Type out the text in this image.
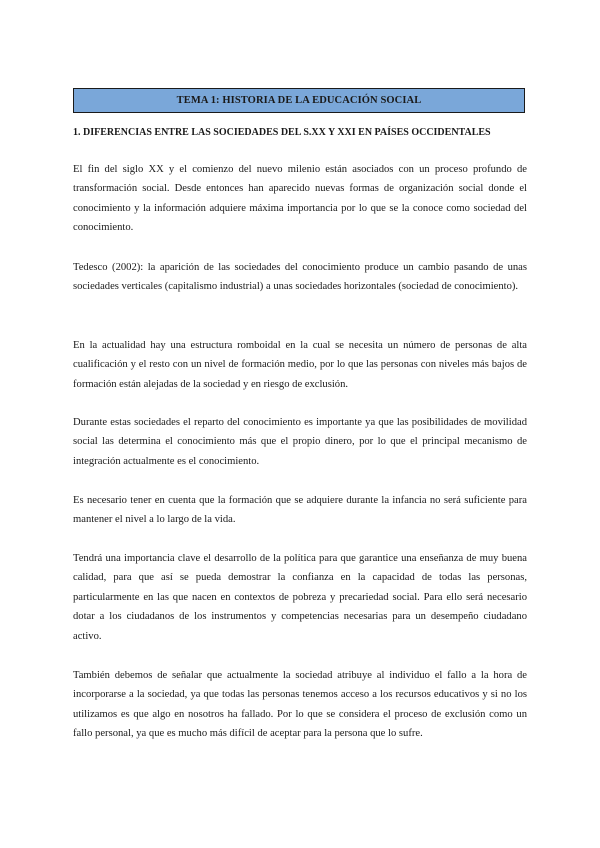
TEMA 1: HISTORIA DE LA EDUCACIÓN SOCIAL
1. DIFERENCIAS ENTRE LAS SOCIEDADES DEL S.XX Y XXI EN PAÍSES OCCIDENTALES

El fin del siglo XX y el comienzo del nuevo milenio están asociados con un proceso profundo de transformación social. Desde entonces han aparecido nuevas formas de organización social donde el conocimiento y la información adquiere máxima importancia por lo que se la conoce como sociedad del conocimiento.

Tedesco (2002): la aparición de las sociedades del conocimiento produce un cambio pasando de unas sociedades verticales (capitalismo industrial) a unas sociedades horizontales (sociedad de conocimiento).

En la actualidad hay una estructura romboidal en la cual se necesita un número de personas de alta cualificación y el resto con un nivel de formación medio, por lo que las personas con niveles más bajos de formación están alejadas de la sociedad y en riesgo de exclusión.

Durante estas sociedades el reparto del conocimiento es importante ya que las posibilidades de movilidad social las determina el conocimiento más que el propio dinero, por lo que el principal mecanismo de integración actualmente es el conocimiento.

Es necesario tener en cuenta que la formación que se adquiere durante la infancia no será suficiente para mantener el nivel a lo largo de la vida.

Tendrá una importancia clave el desarrollo de la política para que garantice una enseñanza de muy buena calidad, para que así se pueda demostrar la confianza en la capacidad de todas las personas, particularmente en las que nacen en contextos de pobreza y precariedad social. Para ello será necesario dotar a los ciudadanos de los instrumentos y competencias necesarias para un desempeño ciudadano activo.

También debemos de señalar que actualmente la sociedad atribuye al individuo el fallo a la hora de incorporarse a la sociedad, ya que todas las personas tenemos acceso a los recursos educativos y si no los utilizamos es que algo en nosotros ha fallado. Por lo que se considera el proceso de exclusión como un fallo personal, ya que es mucho más difícil de aceptar para la persona que lo sufre.
